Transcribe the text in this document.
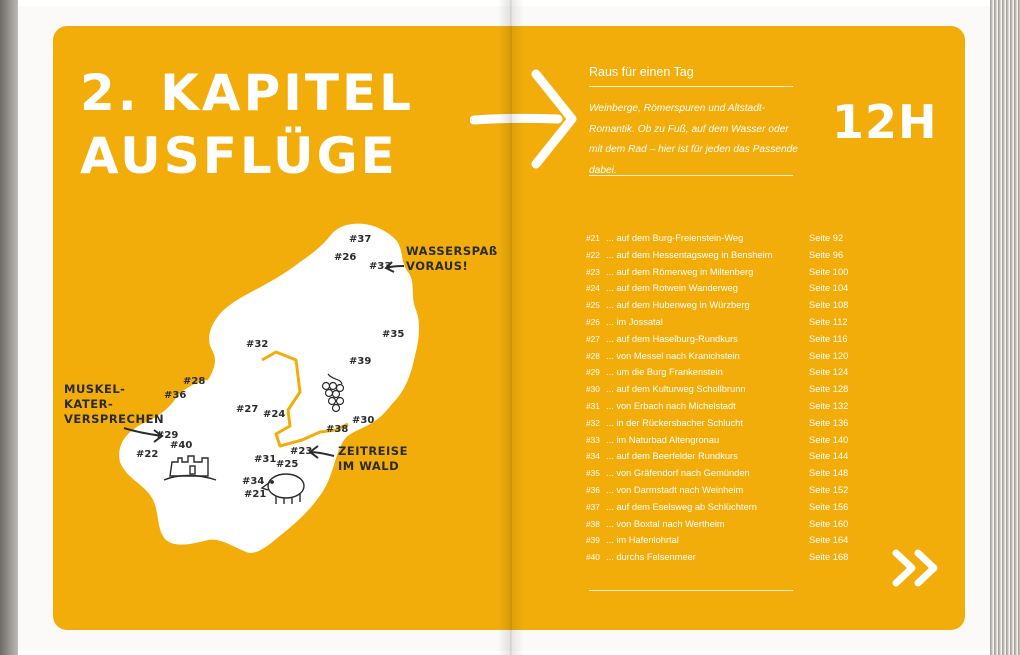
2. KAPITEL
AUSFLÜGE
#37
#26
#33
#35
#32
#39
#28
#36
#27 #24
#30
#38
#29
#40
#22	#23
#31 #25
#34
#21
WASSERSPAß
VORAUS!
MUSKEL-
KATER-
VERSPRECHEN
ZEITREISE
IM WALD
Raus für einen Tag
Weinberge, Römerspuren und Altstadt-Romantik. Ob zu Fuß, auf dem Wasser oder mit dem Rad – hier ist für jeden das Passende dabei.
12H
#21 ... auf dem Burg-Freienstein-Weg	Seite 92
#22 ... auf dem Hessentagsweg in Bensheim	Seite 96
#23 ... auf dem Römerweg in Miltenberg	Seite 100
#24 ... auf dem Rotwein Wanderweg	Seite 104
#25 ... auf dem Hubenweg in Würzberg	Seite 108
#26 ... im Jossatal	Seite 112
#27 ... auf dem Haselburg-Rundkurs	Seite 116
#28 ... von Messel nach Kranichstein	Seite 120
#29 ... um die Burg Frankenstein	Seite 124
#30 ... auf dem Kulturweg Schollbrunn	Seite 128
#31 ... von Erbach nach Michelstadt	Seite 132
#32 ... in der Rückersbacher Schlucht	Seite 136
#33 ... im Naturbad Altengronau	Seite 140
#34 ... auf dem Beerfelder Rundkurs	Seite 144
#35 ... von Gräfendorf nach Gemünden	Seite 148
#36 ... von Darmstadt nach Weinheim	Seite 152
#37 ... auf dem Eselsweg ab Schlüchtern	Seite 156
#38 ... von Boxtal nach Wertheim	Seite 160
#39 ... im Hafenlohrtal	Seite 164
#40 ... durchs Felsenmeer	Seite 168
